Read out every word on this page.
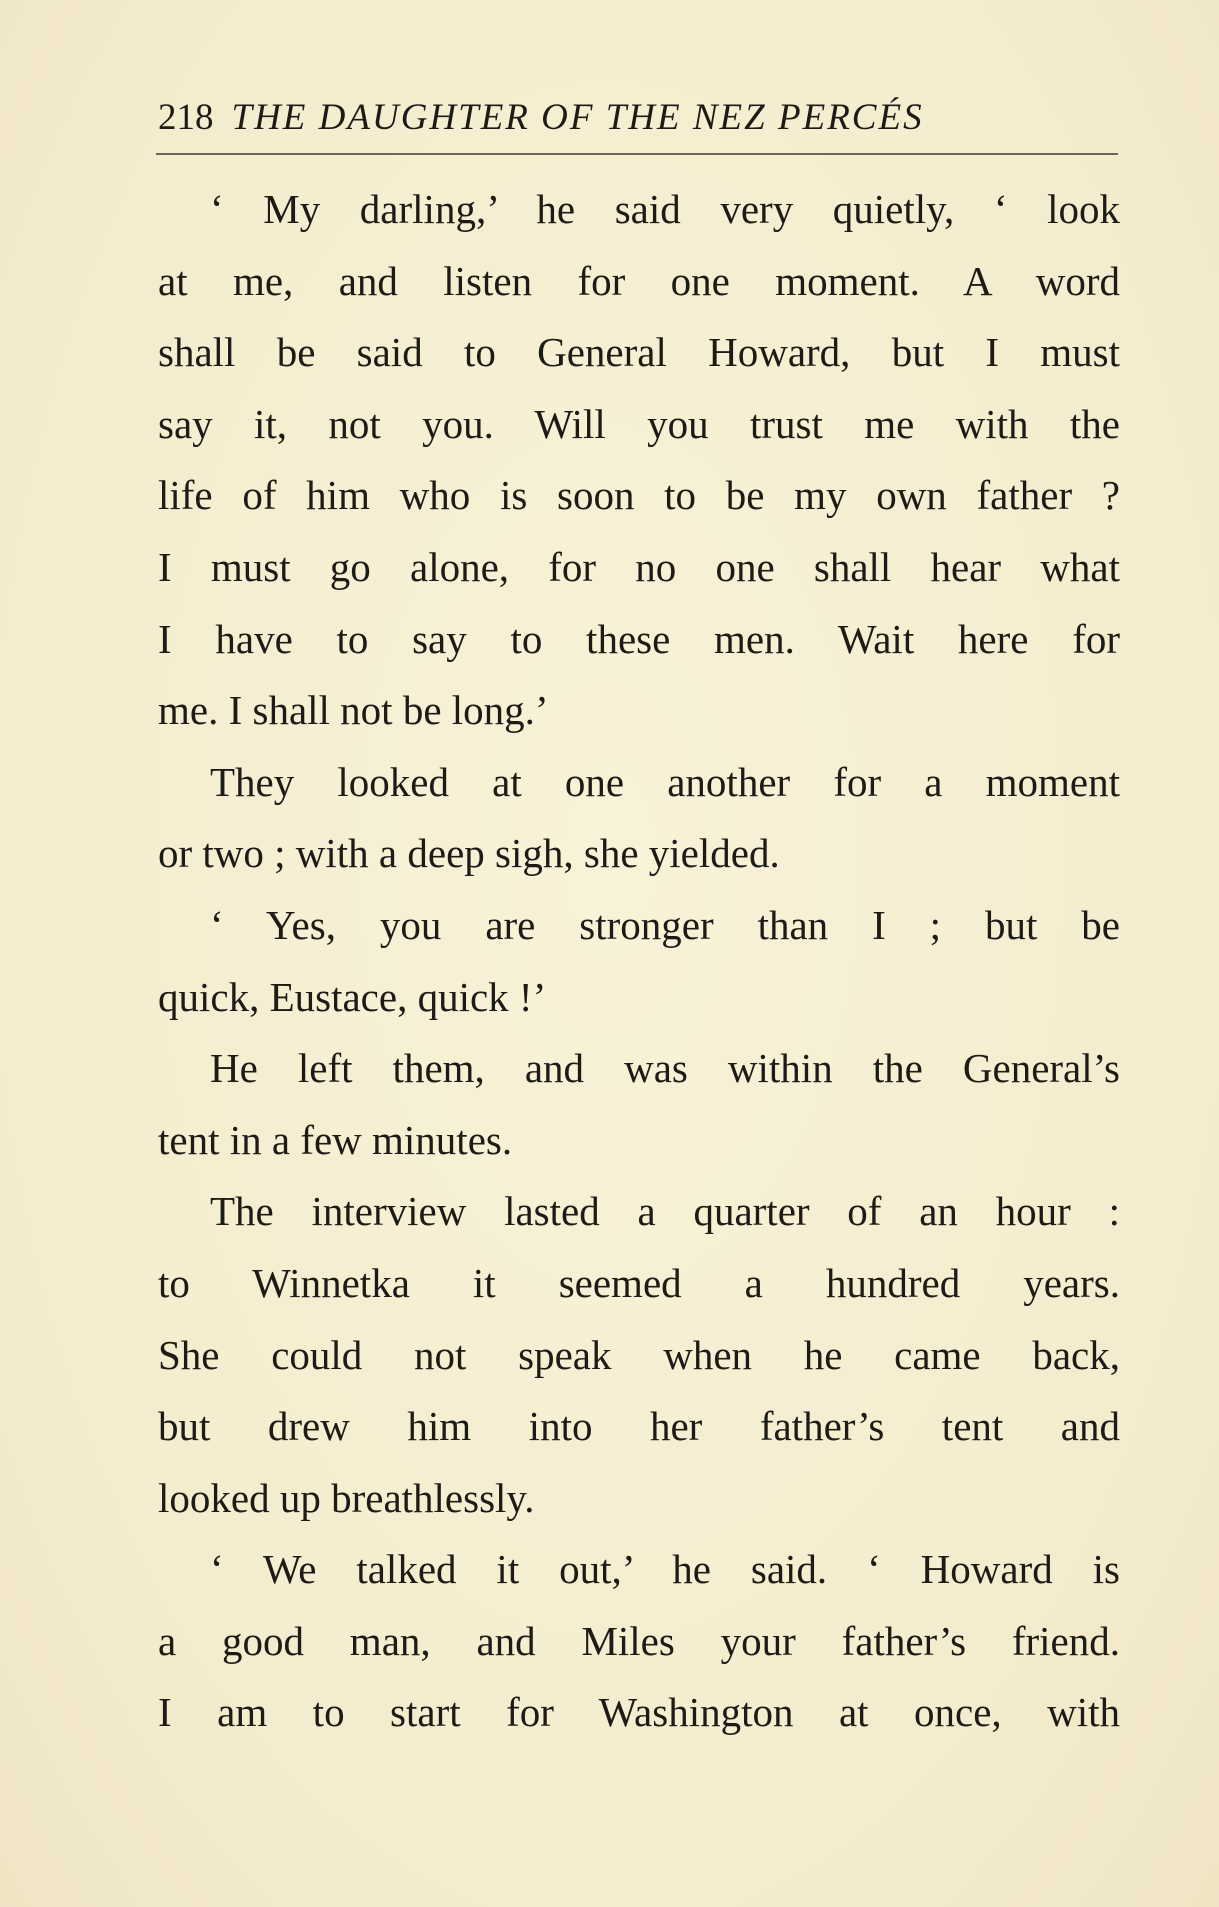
218 THE DAUGHTER OF THE NEZ PERCÉS
‘ My darling,’ he said very quietly, ‘ look
at me, and listen for one moment. A word
shall be said to General Howard, but I must
say it, not you. Will you trust me with the
life of him who is soon to be my own father ?
I must go alone, for no one shall hear what
I have to say to these men. Wait here for
me. I shall not be long.’
They looked at one another for a moment
or two ; with a deep sigh, she yielded.
‘ Yes, you are stronger than I ; but be
quick, Eustace, quick !’
He left them, and was within the General’s
tent in a few minutes.
The interview lasted a quarter of an hour :
to Winnetka it seemed a hundred years.
She could not speak when he came back,
but drew him into her father’s tent and
looked up breathlessly.
‘ We talked it out,’ he said. ‘ Howard is
a good man, and Miles your father’s friend.
I am to start for Washington at once, with
